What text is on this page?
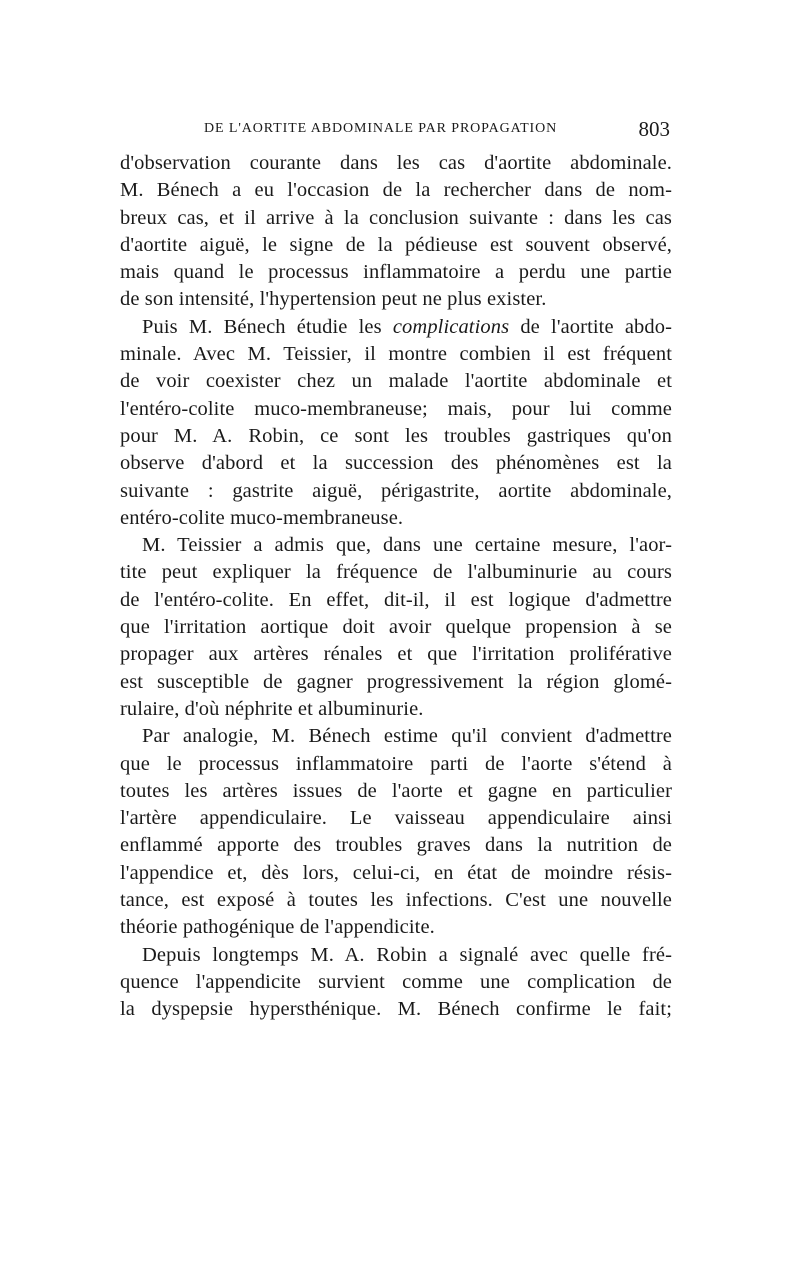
DE L'AORTITE ABDOMINALE PAR PROPAGATION	803
d'observation courante dans les cas d'aortite abdominale.
M. Bénech a eu l'occasion de la rechercher dans de nom-
breux cas, et il arrive à la conclusion suivante : dans les cas
d'aortite aiguë, le signe de la pédieuse est souvent observé,
mais quand le processus inflammatoire a perdu une partie
de son intensité, l'hypertension peut ne plus exister.
Puis M. Bénech étudie les complications de l'aortite abdo-
minale. Avec M. Teissier, il montre combien il est fréquent
de voir coexister chez un malade l'aortite abdominale et
l'entéro-colite muco-membraneuse; mais, pour lui comme
pour M. A. Robin, ce sont les troubles gastriques qu'on
observe d'abord et la succession des phénomènes est la
suivante : gastrite aiguë, périgastrite, aortite abdominale,
entéro-colite muco-membraneuse.
M. Teissier a admis que, dans une certaine mesure, l'aor-
tite peut expliquer la fréquence de l'albuminurie au cours
de l'entéro-colite. En effet, dit-il, il est logique d'admettre
que l'irritation aortique doit avoir quelque propension à se
propager aux artères rénales et que l'irritation proliférative
est susceptible de gagner progressivement la région glomé-
rulaire, d'où néphrite et albuminurie.
Par analogie, M. Bénech estime qu'il convient d'admettre
que le processus inflammatoire parti de l'aorte s'étend à
toutes les artères issues de l'aorte et gagne en particulier
l'artère appendiculaire. Le vaisseau appendiculaire ainsi
enflammé apporte des troubles graves dans la nutrition de
l'appendice et, dès lors, celui-ci, en état de moindre résis-
tance, est exposé à toutes les infections. C'est une nouvelle
théorie pathogénique de l'appendicite.
Depuis longtemps M. A. Robin a signalé avec quelle fré-
quence l'appendicite survient comme une complication de
la dyspepsie hypersthénique. M. Bénech confirme le fait;
